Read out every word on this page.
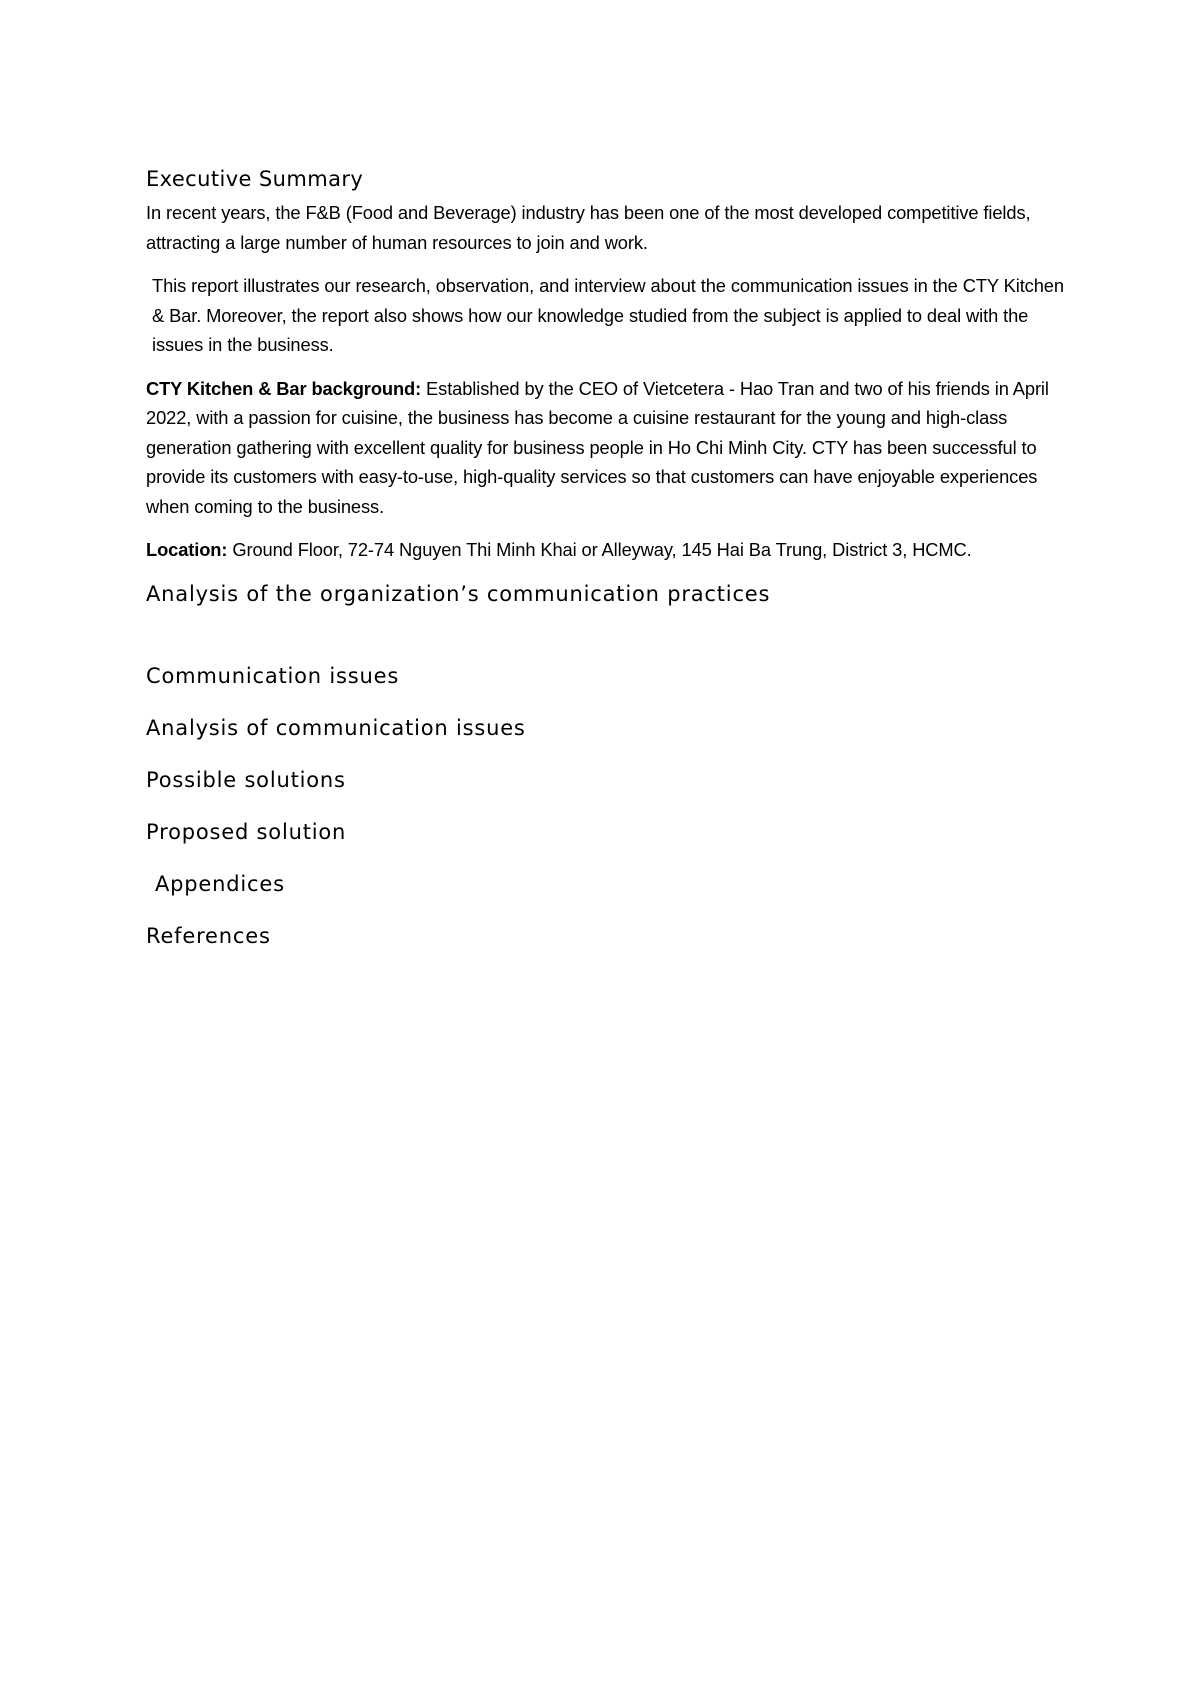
Executive Summary

In recent years, the F&B (Food and Beverage) industry has been one of the most developed competitive fields, attracting a large number of human resources to join and work.

This report illustrates our research, observation, and interview about the communication issues in the CTY Kitchen & Bar. Moreover, the report also shows how our knowledge studied from the subject is applied to deal with the issues in the business.

CTY Kitchen & Bar background: Established by the CEO of Vietcetera - Hao Tran and two of his friends in April 2022, with a passion for cuisine, the business has become a cuisine restaurant for the young and high-class generation gathering with excellent quality for business people in Ho Chi Minh City. CTY has been successful to provide its customers with easy-to-use, high-quality services so that customers can have enjoyable experiences when coming to the business.

Location: Ground Floor, 72-74 Nguyen Thi Minh Khai or Alleyway, 145 Hai Ba Trung, District 3, HCMC.

Analysis of the organization’s communication practices
Communication issues
Analysis of communication issues
Possible solutions
Proposed solution
Appendices
References
